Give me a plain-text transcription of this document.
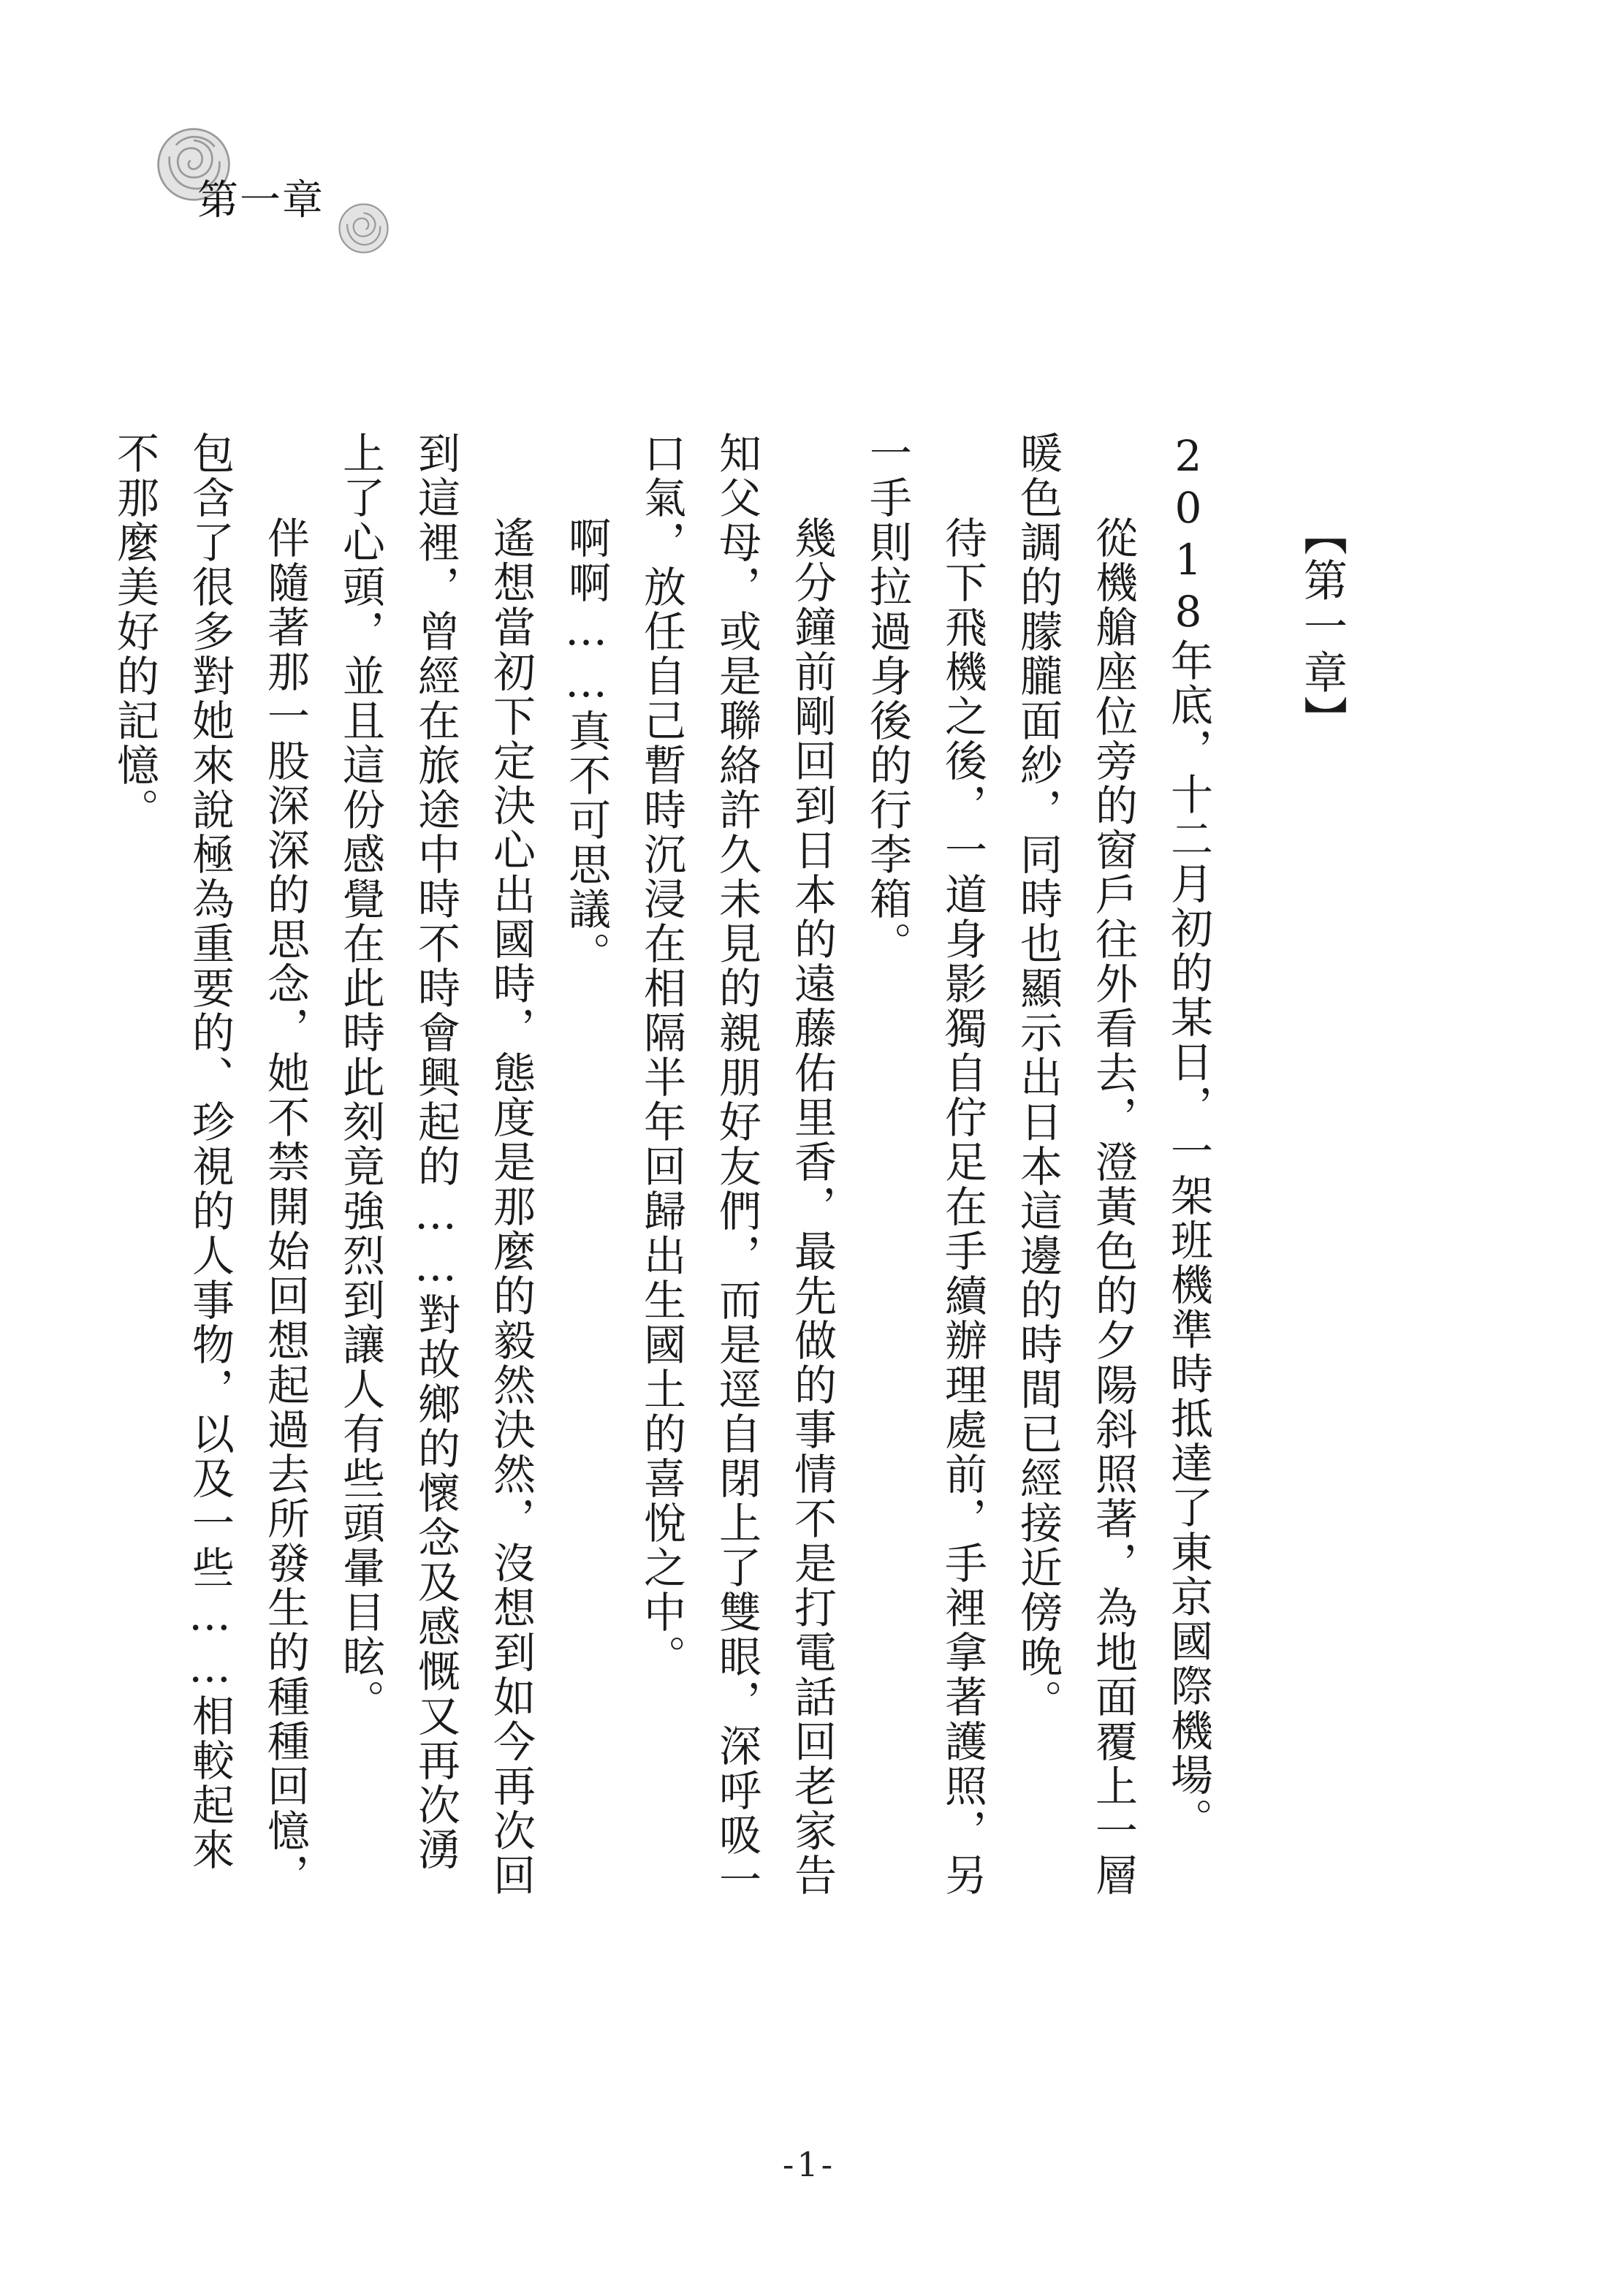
第一章
【第一章】

2018年底，十二月初的某日，一架班機準時抵達了東京國際機場。

從機艙座位旁的窗戶往外看去，澄黃色的夕陽斜照著，為地面覆上一層暖色調的朦朧面紗，同時也顯示出日本這邊的時間已經接近傍晚。

待下飛機之後，一道身影獨自佇足在手續辦理處前，手裡拿著護照，另一手則拉過身後的行李箱。

幾分鐘前剛回到日本的遠藤佑里香，最先做的事情不是打電話回老家告知父母，或是聯絡許久未見的親朋好友們，而是逕自閉上了雙眼，深呼吸一口氣，放任自己暫時沉浸在相隔半年回歸出生國土的喜悅之中。

啊啊……真不可思議。

遙想當初下定決心出國時，態度是那麼的毅然決然，沒想到如今再次回到這裡，曾經在旅途中時不時會興起的……對故鄉的懷念及感慨又再次湧上了心頭，並且這份感覺在此時此刻竟強烈到讓人有些頭暈目眩。

伴隨著那一股深深的思念，她不禁開始回想起過去所發生的種種回憶，包含了很多對她來說極為重要的、珍視的人事物，以及一些……相較起來不那麼美好的記憶。

-1-
